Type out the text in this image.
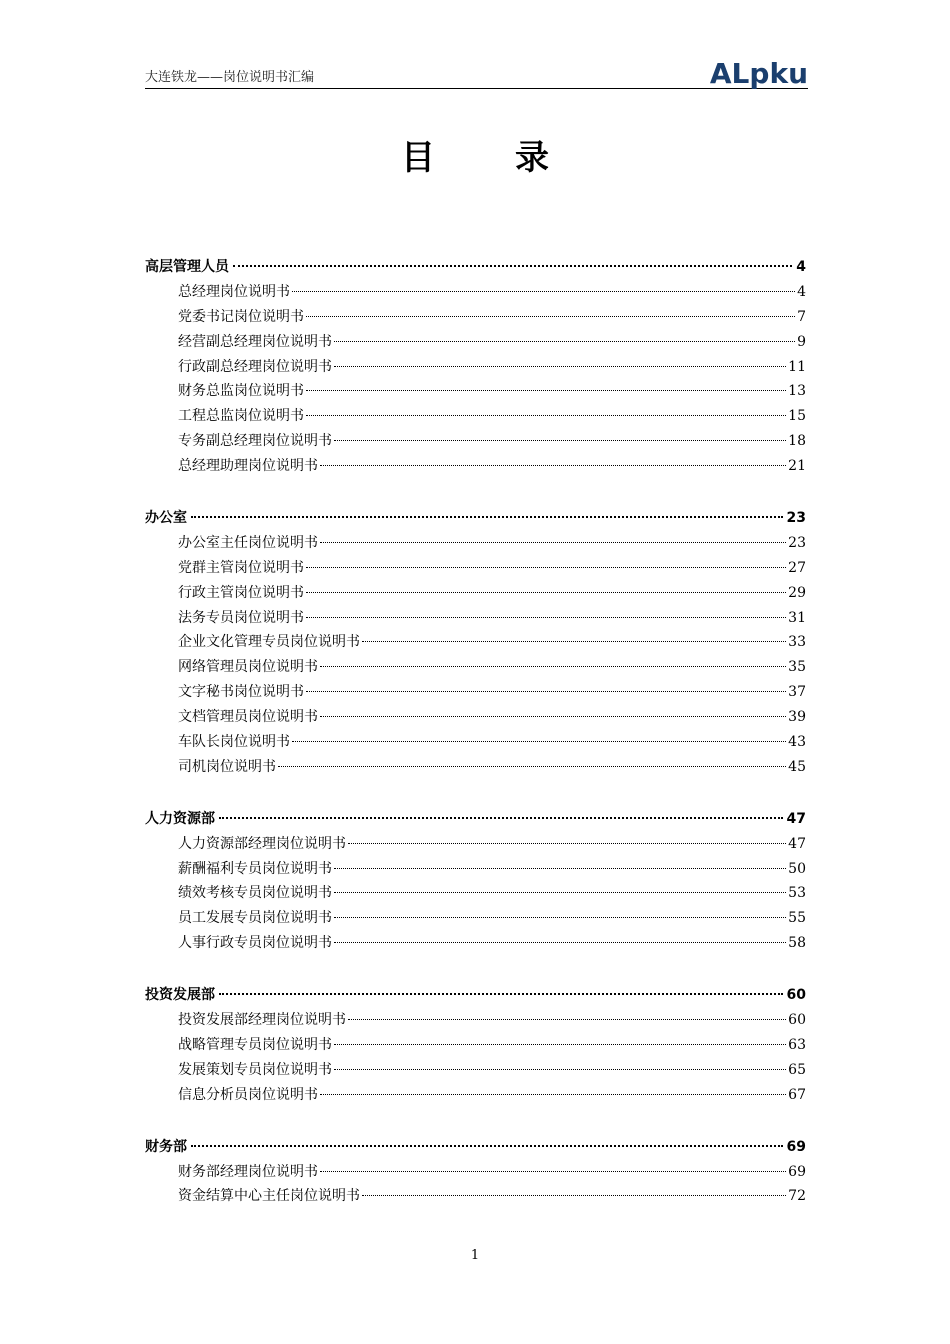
大连铁龙——岗位说明书汇编	ALpku
目录
高层管理人员	4
总经理岗位说明书	4
党委书记岗位说明书	7
经营副总经理岗位说明书	9
行政副总经理岗位说明书	11
财务总监岗位说明书	13
工程总监岗位说明书	15
专务副总经理岗位说明书	18
总经理助理岗位说明书	21
办公室	23
办公室主任岗位说明书	23
党群主管岗位说明书	27
行政主管岗位说明书	29
法务专员岗位说明书	31
企业文化管理专员岗位说明书	33
网络管理员岗位说明书	35
文字秘书岗位说明书	37
文档管理员岗位说明书	39
车队长岗位说明书	43
司机岗位说明书	45
人力资源部	47
人力资源部经理岗位说明书	47
薪酬福利专员岗位说明书	50
绩效考核专员岗位说明书	53
员工发展专员岗位说明书	55
人事行政专员岗位说明书	58
投资发展部	60
投资发展部经理岗位说明书	60
战略管理专员岗位说明书	63
发展策划专员岗位说明书	65
信息分析员岗位说明书	67
财务部	69
财务部经理岗位说明书	69
资金结算中心主任岗位说明书	72
1
